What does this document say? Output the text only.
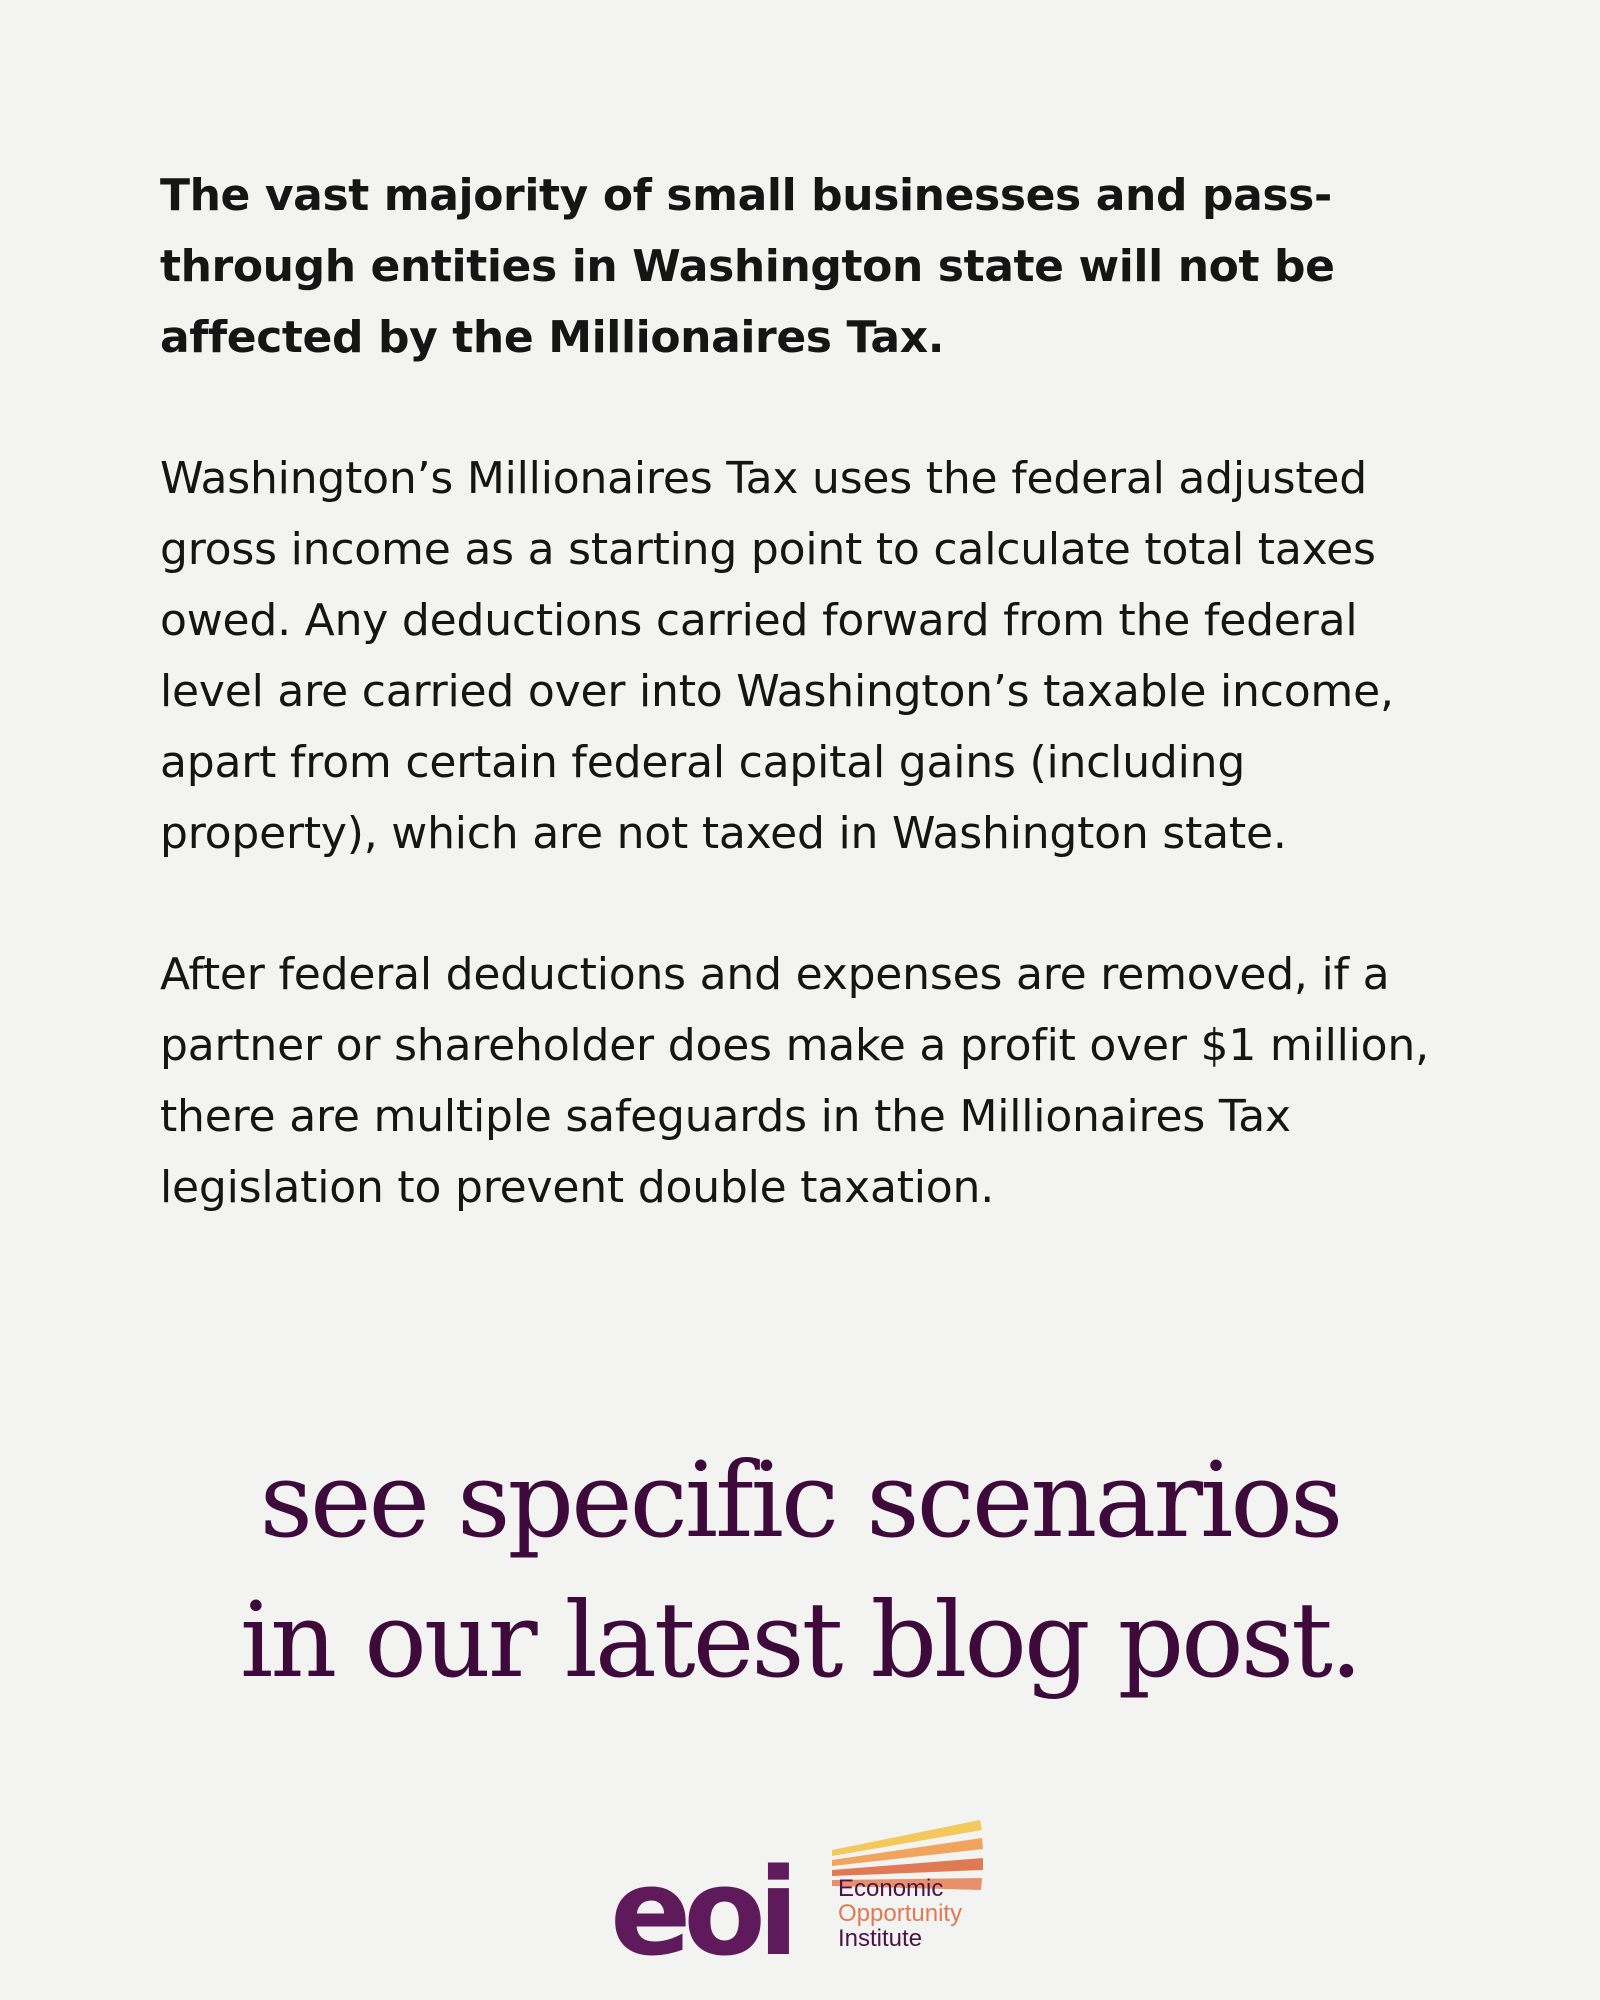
The vast majority of small businesses and pass-through entities in Washington state will not be affected by the Millionaires Tax.

Washington’s Millionaires Tax uses the federal adjusted gross income as a starting point to calculate total taxes owed. Any deductions carried forward from the federal level are carried over into Washington’s taxable income, apart from certain federal capital gains (including property), which are not taxed in Washington state.

After federal deductions and expenses are removed, if a partner or shareholder does make a profit over $1 million, there are multiple safeguards in the Millionaires Tax legislation to prevent double taxation.

see specific scenarios
in our latest blog post.
eoi Economic
Opportunity
Institute
